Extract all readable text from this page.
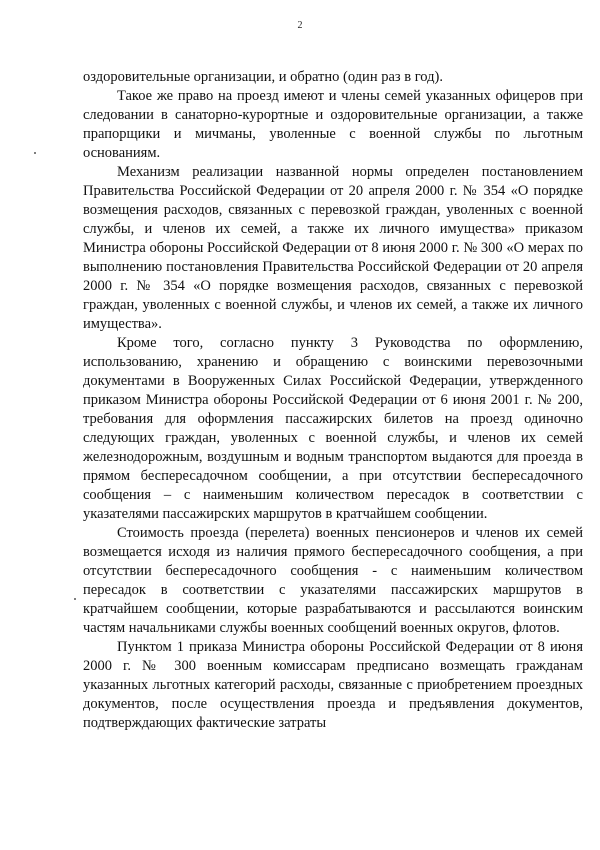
2

оздоровительные организации, и обратно (один раз в год).

Такое же право на проезд имеют и члены семей указанных офицеров при следовании в санаторно-курортные и оздоровительные организации, а также прапорщики и мичманы, уволенные с военной службы по льготным основаниям.

Механизм реализации названной нормы определен постановлением Правительства Российской Федерации от 20 апреля 2000 г. № 354 «О порядке возмещения расходов, связанных с перевозкой граждан, уволенных с военной службы, и членов их семей, а также их личного имущества» приказом Министра обороны Российской Федерации от 8 июня 2000 г. № 300 «О мерах по выполнению постановления Правительства Российской Федерации от 20 апреля 2000 г. № 354 «О порядке возмещения расходов, связанных с перевозкой граждан, уволенных с военной службы, и членов их семей, а также их личного имущества».

Кроме того, согласно пункту 3 Руководства по оформлению, использованию, хранению и обращению с воинскими перевозочными документами в Вооруженных Силах Российской Федерации, утвержденного приказом Министра обороны Российской Федерации от 6 июня 2001 г. № 200, требования для оформления пассажирских билетов на проезд одиночно следующих граждан, уволенных с военной службы, и членов их семей железнодорожным, воздушным и водным транспортом выдаются для проезда в прямом беспересадочном сообщении, а при отсутствии беспересадочного сообщения – с наименьшим количеством пересадок в соответствии с указателями пассажирских маршрутов в кратчайшем сообщении.

Стоимость проезда (перелета) военных пенсионеров и членов их семей возмещается исходя из наличия прямого беспересадочного сообщения, а при отсутствии беспересадочного сообщения - с наименьшим количеством пересадок в соответствии с указателями пассажирских маршрутов в кратчайшем сообщении, которые разрабатываются и рассылаются воинским частям начальниками службы военных сообщений военных округов, флотов.

Пунктом 1 приказа Министра обороны Российской Федерации от 8 июня 2000 г. № 300 военным комиссарам предписано возмещать гражданам указанных льготных категорий расходы, связанные с приобретением проездных документов, после осуществления проезда и предъявления документов, подтверждающих фактические затраты
